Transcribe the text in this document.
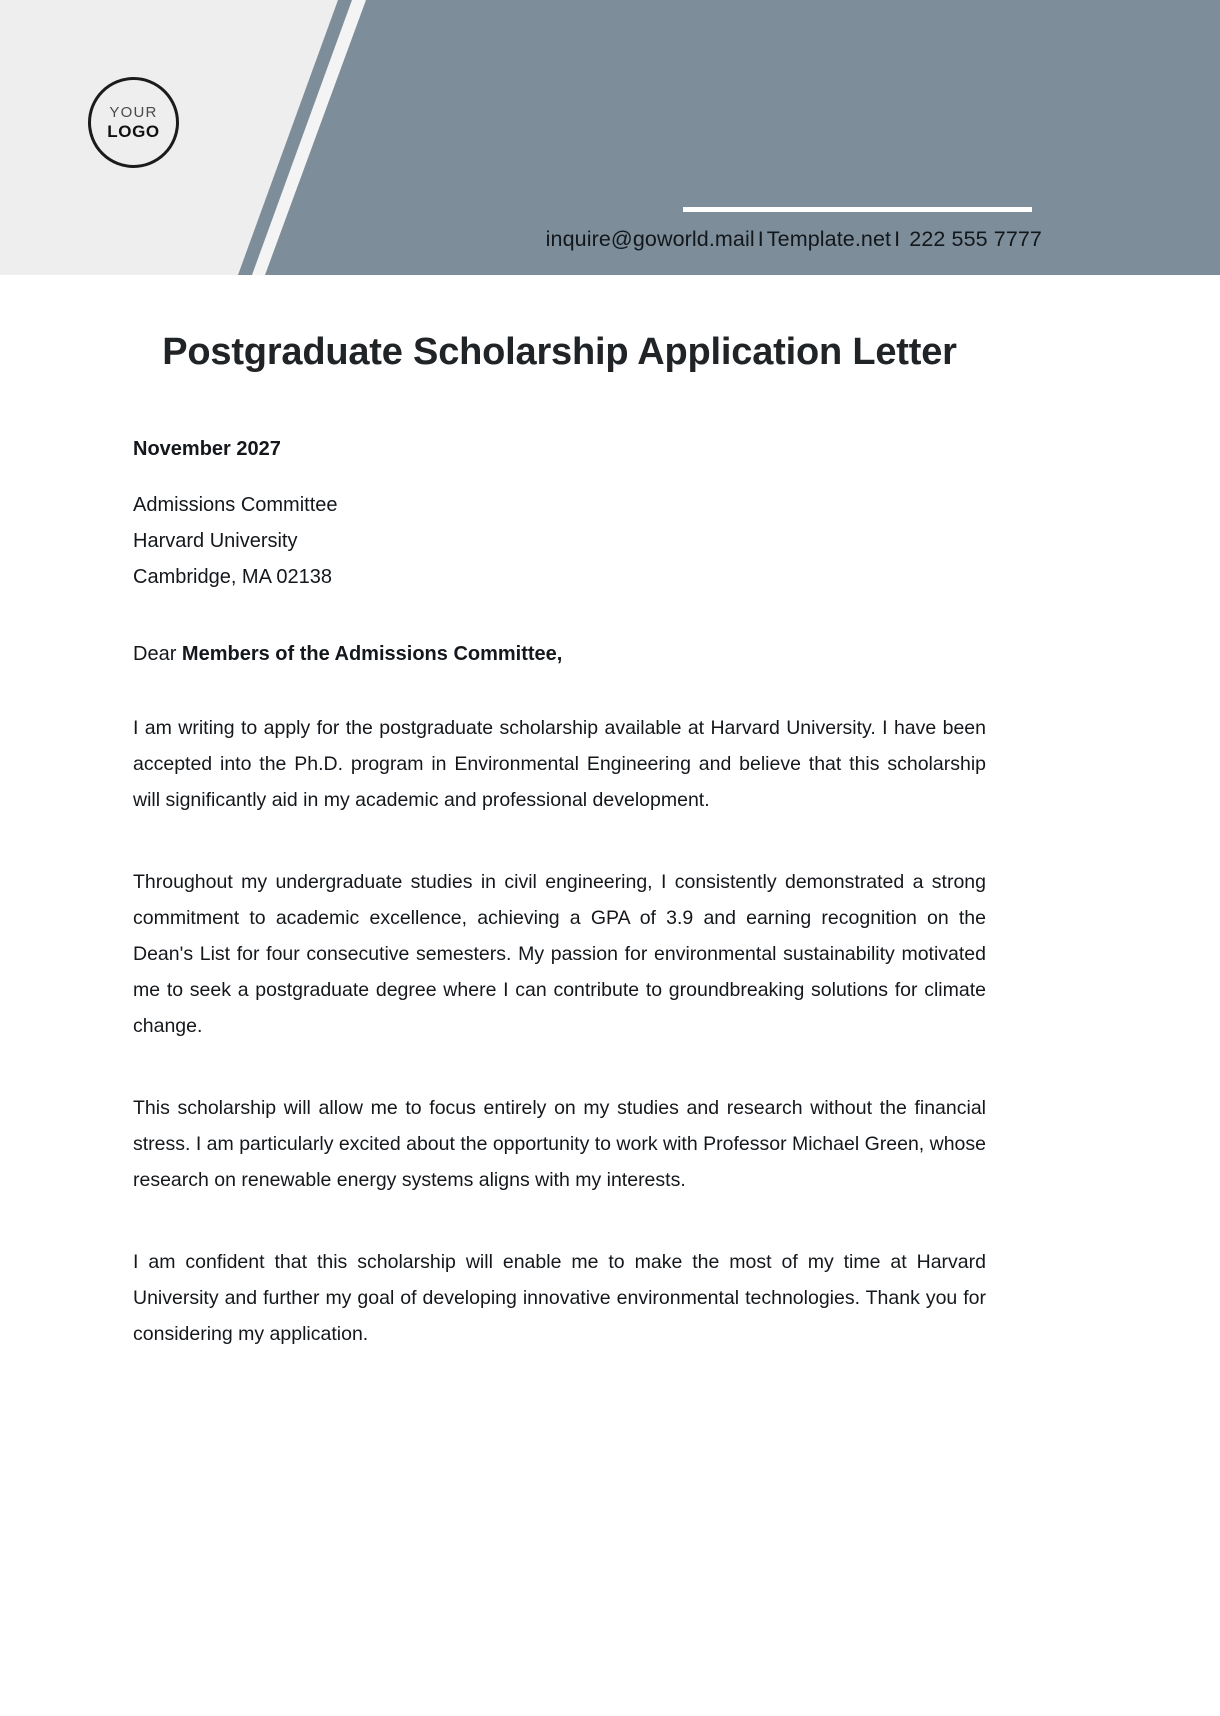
YOUR
LOGO
inquire@goworld.mail I Template.net I 222 555 7777
Postgraduate Scholarship Application Letter
November 2027
Admissions Committee
Harvard University
Cambridge, MA 02138
Dear Members of the Admissions Committee,

I am writing to apply for the postgraduate scholarship available at Harvard University. I have been accepted into the Ph.D. program in Environmental Engineering and believe that this scholarship will significantly aid in my academic and professional development.

Throughout my undergraduate studies in civil engineering, I consistently demonstrated a strong commitment to academic excellence, achieving a GPA of 3.9 and earning recognition on the Dean's List for four consecutive semesters. My passion for environmental sustainability motivated me to seek a postgraduate degree where I can contribute to groundbreaking solutions for climate change.

This scholarship will allow me to focus entirely on my studies and research without the financial stress. I am particularly excited about the opportunity to work with Professor Michael Green, whose research on renewable energy systems aligns with my interests.

I am confident that this scholarship will enable me to make the most of my time at Harvard University and further my goal of developing innovative environmental technologies. Thank you for considering my application.
